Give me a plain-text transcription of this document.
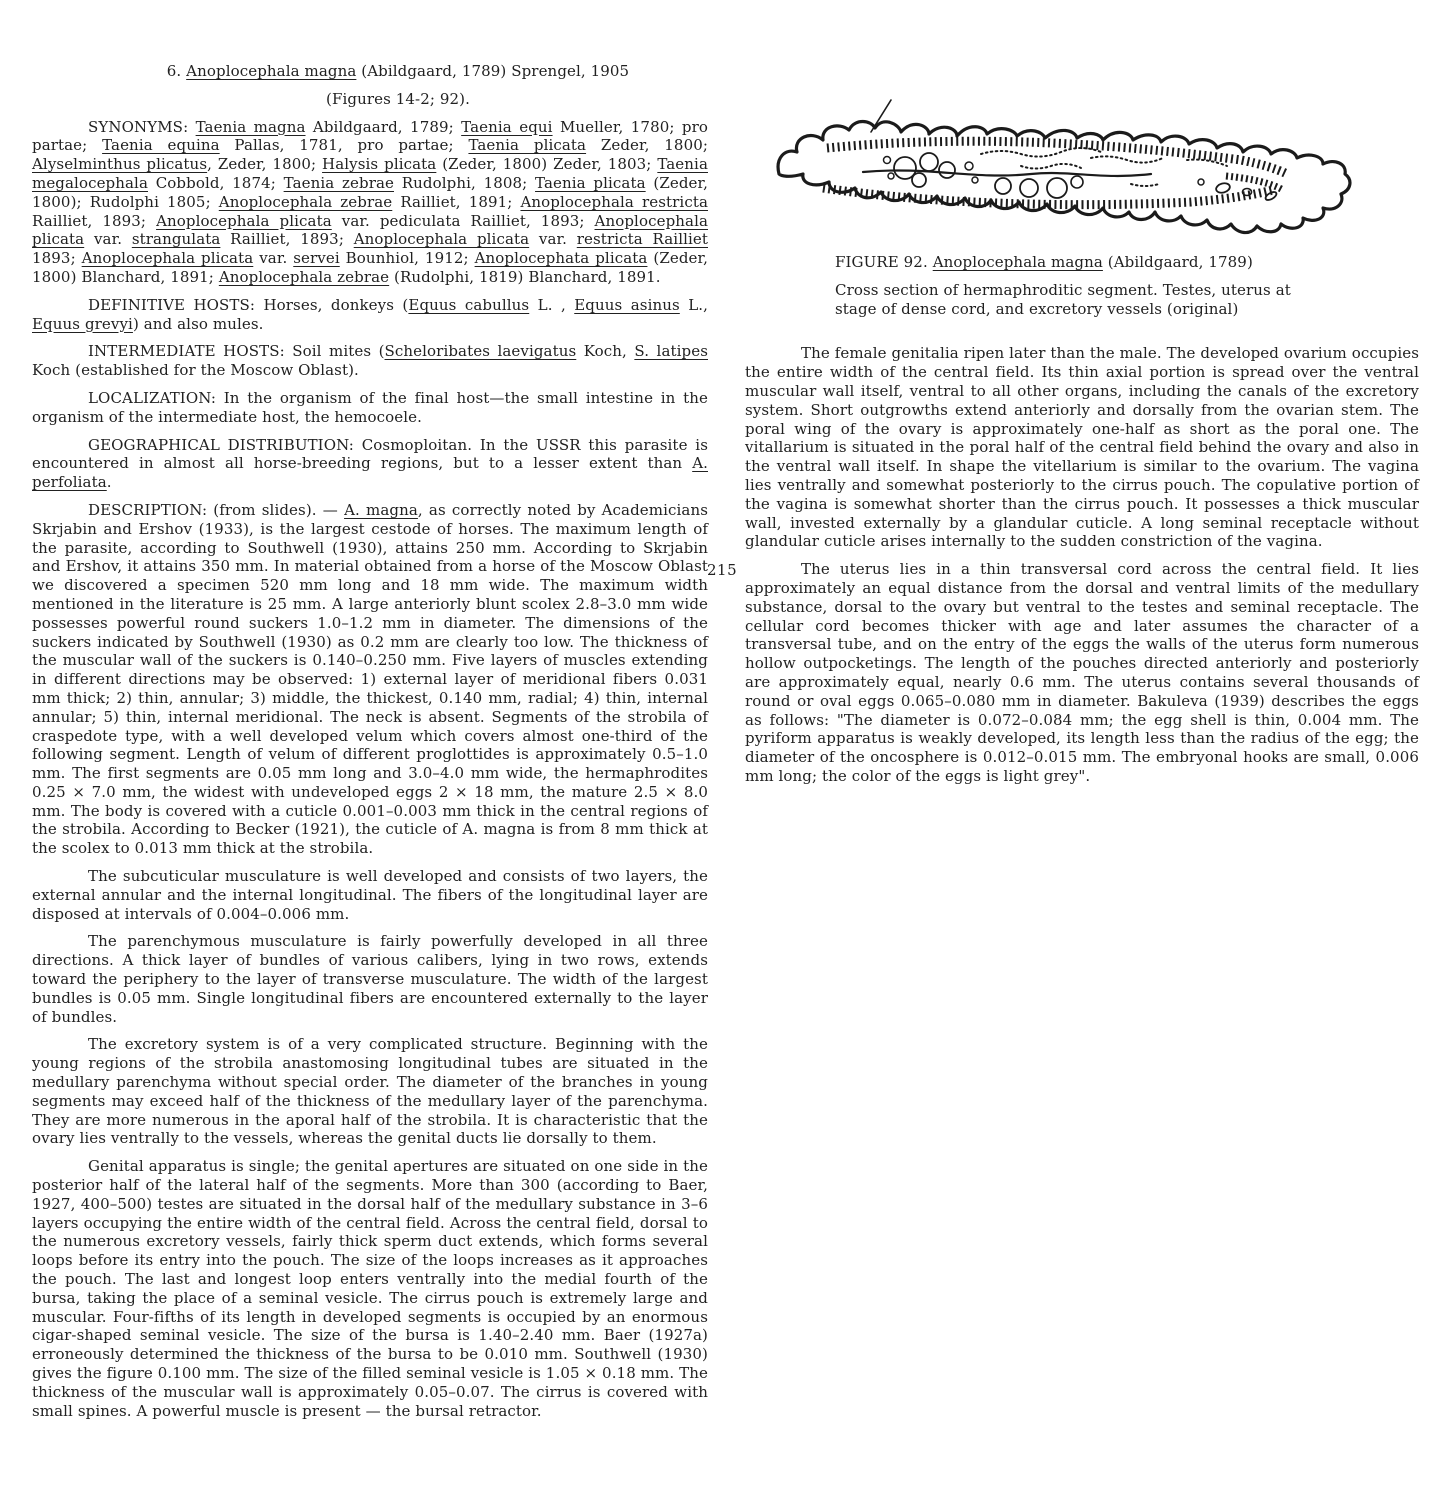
6. Anoplocephala magna (Abildgaard, 1789) Sprengel, 1905

(Figures 14-2; 92).

SYNONYMS: Taenia magna Abildgaard, 1789; Taenia equi Mueller, 1780; pro partae; Taenia equina Pallas, 1781, pro partae; Taenia plicata Zeder, 1800; Alyselminthus plicatus, Zeder, 1800; Halysis plicata (Zeder, 1800) Zeder, 1803; Taenia megalocephala Cobbold, 1874; Taenia zebrae Rudolphi, 1808; Taenia plicata (Zeder, 1800); Rudolphi 1805; Anoplocephala zebrae Railliet, 1891; Anoplocephala restricta Railliet, 1893; Anoplocephala plicata var. pediculata Railliet, 1893; Anoplocephala plicata var. strangulata Railliet, 1893; Anoplocephala plicata var. restricta Railliet 1893; Anoplocephala plicata var. servei Bounhiol, 1912; Anoplocephata plicata (Zeder, 1800) Blanchard, 1891; Anoplocephala zebrae (Rudolphi, 1819) Blanchard, 1891.

DEFINITIVE HOSTS: Horses, donkeys (Equus cabullus L. , Equus asinus L., Equus grevyi) and also mules.

INTERMEDIATE HOSTS: Soil mites (Scheloribates laevigatus Koch, S. latipes Koch (established for the Moscow Oblast).

LOCALIZATION: In the organism of the final host—the small intestine in the organism of the intermediate host, the hemocoele.

GEOGRAPHICAL DISTRIBUTION: Cosmoploitan. In the USSR this parasite is encountered in almost all horse-breeding regions, but to a lesser extent than A. perfoliata.

DESCRIPTION: (from slides). — A. magna, as correctly noted by Academicians Skrjabin and Ershov (1933), is the largest cestode of horses. The maximum length of the parasite, according to Southwell (1930), attains 250 mm. According to Skrjabin and Ershov, it attains 350 mm. In material obtained from a horse of the Moscow Oblast we discovered a specimen 520 mm long and 18 mm wide. The maximum width mentioned in the literature is 25 mm. A large anteriorly blunt scolex 2.8–3.0 mm wide possesses powerful round suckers 1.0–1.2 mm in diameter. The dimensions of the suckers indicated by Southwell (1930) as 0.2 mm are clearly too low. The thickness of the muscular wall of the suckers is 0.140–0.250 mm. Five layers of muscles extending in different directions may be observed: 1) external layer of meridional fibers 0.031 mm thick; 2) thin, annular; 3) middle, the thickest, 0.140 mm, radial; 4) thin, internal annular; 5) thin, internal meridional. The neck is absent. Segments of the strobila of craspedote type, with a well developed velum which covers almost one-third of the following segment. Length of velum of different proglottides is approximately 0.5–1.0 mm. The first segments are 0.05 mm long and 3.0–4.0 mm wide, the hermaphrodites 0.25 × 7.0 mm, the widest with undeveloped eggs 2 × 18 mm, the mature 2.5 × 8.0 mm. The body is covered with a cuticle 0.001–0.003 mm thick in the central regions of the strobila. According to Becker (1921), the cuticle of A. magna is from 8 mm thick at the scolex to 0.013 mm thick at the strobila.

The subcuticular musculature is well developed and consists of two layers, the external annular and the internal longitudinal. The fibers of the longitudinal layer are disposed at intervals of 0.004–0.006 mm.

The parenchymous musculature is fairly powerfully developed in all three directions. A thick layer of bundles of various calibers, lying in two rows, extends toward the periphery to the layer of transverse musculature. The width of the largest bundles is 0.05 mm. Single longitudinal fibers are encountered externally to the layer of bundles.

The excretory system is of a very complicated structure. Beginning with the young regions of the strobila anastomosing longitudinal tubes are situated in the medullary parenchyma without special order. The diameter of the branches in young segments may exceed half of the thickness of the medullary layer of the parenchyma. They are more numerous in the aporal half of the strobila. It is characteristic that the ovary lies ventrally to the vessels, whereas the genital ducts lie dorsally to them.

Genital apparatus is single; the genital apertures are situated on one side in the posterior half of the lateral half of the segments. More than 300 (according to Baer, 1927, 400–500) testes are situated in the dorsal half of the medullary substance in 3–6 layers occupying the entire width of the central field. Across the central field, dorsal to the numerous excretory vessels, fairly thick sperm duct extends, which forms several loops before its entry into the pouch. The size of the loops increases as it approaches the pouch. The last and longest loop enters ventrally into the medial fourth of the bursa, taking the place of a seminal vesicle. The cirrus pouch is extremely large and muscular. Four-fifths of its length in developed segments is occupied by an enormous cigar-shaped seminal vesicle. The size of the bursa is 1.40–2.40 mm. Baer (1927a) erroneously determined the thickness of the bursa to be 0.010 mm. Southwell (1930) gives the figure 0.100 mm. The size of the filled seminal vesicle is 1.05 × 0.18 mm. The thickness of the muscular wall is approximately 0.05–0.07. The cirrus is covered with small spines. A powerful muscle is present — the bursal retractor.

FIGURE 92. Anoplocephala magna (Abildgaard, 1789)

Cross section of hermaphroditic segment. Testes, uterus at

stage of dense cord, and excretory vessels (original)

The female genitalia ripen later than the male. The developed ovarium occupies the entire width of the central field. Its thin axial portion is spread over the ventral muscular wall itself, ventral to all other organs, including the canals of the excretory system. Short outgrowths extend anteriorly and dorsally from the ovarian stem. The poral wing of the ovary is approximately one-half as short as the poral one. The vitallarium is situated in the poral half of the central field behind the ovary and also in the ventral wall itself. In shape the vitellarium is similar to the ovarium. The vagina lies ventrally and somewhat posteriorly to the cirrus pouch. The copulative portion of the vagina is somewhat shorter than the cirrus pouch. It possesses a thick muscular wall, invested externally by a glandular cuticle. A long seminal receptacle without glandular cuticle arises internally to the sudden constriction of the vagina.

215	The uterus lies in a thin transversal cord across the central field. It lies approximately an equal distance from the dorsal and ventral limits of the medullary substance, dorsal to the ovary but ventral to the testes and seminal receptacle. The cellular cord becomes thicker with age and later assumes the character of a transversal tube, and on the entry of the eggs the walls of the uterus form numerous hollow outpocketings. The length of the pouches directed anteriorly and posteriorly are approximately equal, nearly 0.6 mm. The uterus contains several thousands of round or oval eggs 0.065–0.080 mm in diameter. Bakuleva (1939) describes the eggs as follows: "The diameter is 0.072–0.084 mm; the egg shell is thin, 0.004 mm. The pyriform apparatus is weakly developed, its length less than the radius of the egg; the diameter of the oncosphere is 0.012–0.015 mm. The embryonal hooks are small, 0.006 mm long; the color of the eggs is light grey".
